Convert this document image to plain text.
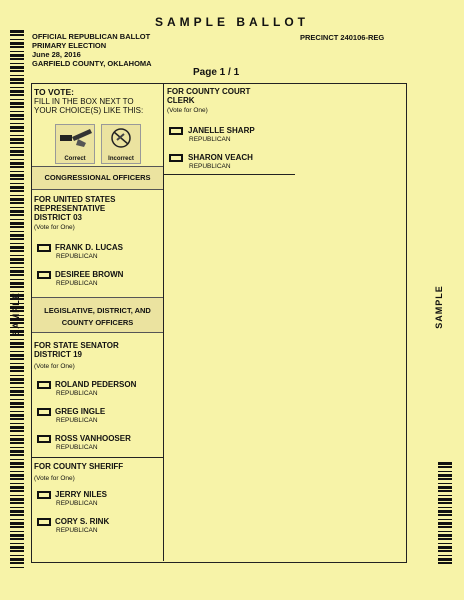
SAMPLE BALLOT
OFFICIAL REPUBLICAN BALLOT
PRIMARY ELECTION
June 28, 2016
GARFIELD COUNTY, OKLAHOMA
PRECINCT 240106-REG
Page 1 / 1
SAMPLE	SAMPLE
TO VOTE:
FILL IN THE BOX NEXT TO
YOUR CHOICE(S) LIKE THIS:
Correct	Incorrect
CONGRESSIONAL OFFICERS
FOR UNITED STATES
REPRESENTATIVE
DISTRICT 03
(Vote for One)
FRANK D. LUCAS
REPUBLICAN
DESIREE BROWN
REPUBLICAN
LEGISLATIVE, DISTRICT, AND
COUNTY OFFICERS
FOR STATE SENATOR
DISTRICT 19
(Vote for One)
ROLAND PEDERSON
REPUBLICAN
GREG INGLE
REPUBLICAN
ROSS VANHOOSER
REPUBLICAN
FOR COUNTY SHERIFF
(Vote for One)
JERRY NILES
REPUBLICAN
CORY S. RINK
REPUBLICAN
FOR COUNTY COURT
CLERK
(Vote for One)
JANELLE SHARP
REPUBLICAN
SHARON VEACH
REPUBLICAN
